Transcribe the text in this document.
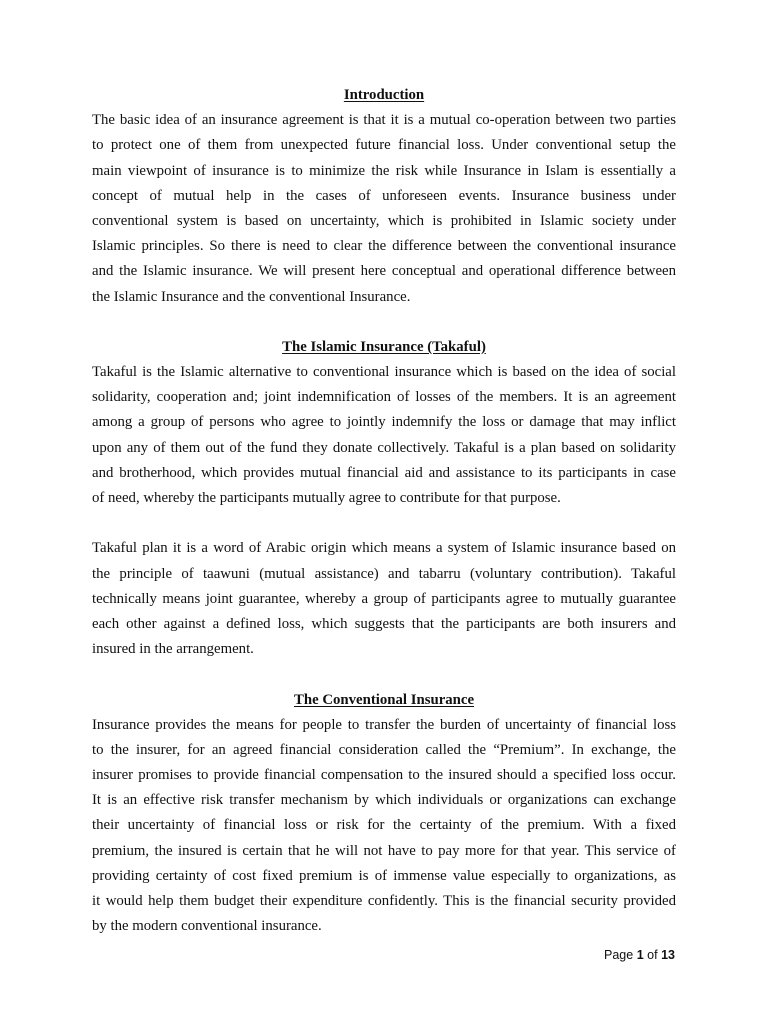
Introduction
The basic idea of an insurance agreement is that it is a mutual co-operation between two parties
to protect one of them from unexpected future financial loss. Under conventional setup the
main viewpoint of insurance is to minimize the risk while Insurance in Islam is essentially a
concept of mutual help in the cases of unforeseen events. Insurance business under
conventional system is based on uncertainty, which is prohibited in Islamic society under
Islamic principles. So there is need to clear the difference between the conventional insurance
and the Islamic insurance. We will present here conceptual and operational difference between
the Islamic Insurance and the conventional Insurance.
The Islamic Insurance (Takaful)
Takaful is the Islamic alternative to conventional insurance which is based on the idea of social
solidarity, cooperation and; joint indemnification of losses of the members. It is an agreement
among a group of persons who agree to jointly indemnify the loss or damage that may inflict
upon any of them out of the fund they donate collectively. Takaful is a plan based on solidarity
and brotherhood, which provides mutual financial aid and assistance to its participants in case
of need, whereby the participants mutually agree to contribute for that purpose.
Takaful plan it is a word of Arabic origin which means a system of Islamic insurance based on
the principle of taawuni (mutual assistance) and tabarru (voluntary contribution). Takaful
technically means joint guarantee, whereby a group of participants agree to mutually guarantee
each other against a defined loss, which suggests that the participants are both insurers and
insured in the arrangement.
The Conventional Insurance
Insurance provides the means for people to transfer the burden of uncertainty of financial loss
to the insurer, for an agreed financial consideration called the “Premium”. In exchange, the
insurer promises to provide financial compensation to the insured should a specified loss occur.
It is an effective risk transfer mechanism by which individuals or organizations can exchange
their uncertainty of financial loss or risk for the certainty of the premium. With a fixed
premium, the insured is certain that he will not have to pay more for that year. This service of
providing certainty of cost fixed premium is of immense value especially to organizations, as
it would help them budget their expenditure confidently. This is the financial security provided
by the modern conventional insurance.
Page 1 of 13
